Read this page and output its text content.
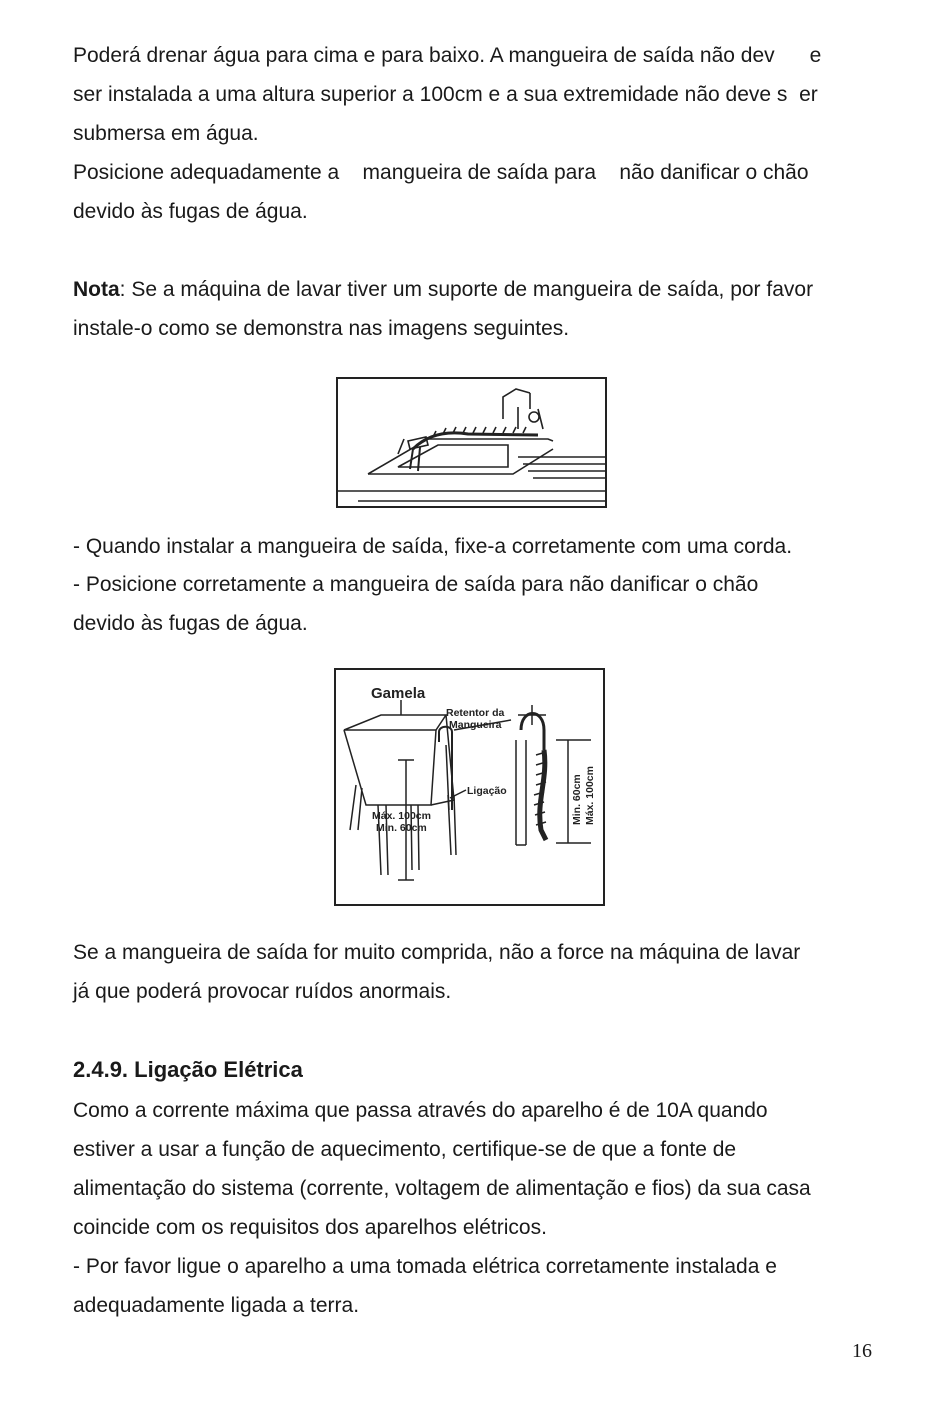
Poderá drenar água para cima e para baixo. A mangueira de saída não dev      e
ser instalada a uma altura superior a 100cm e a sua extremidade não deve s  er
submersa em água.
Posicione adequadamente a    mangueira de saída para    não danificar o chão
devido às fugas de água.
Nota: Se a máquina de lavar tiver um suporte de mangueira de saída, por favor
instale-o como se demonstra nas imagens seguintes.
- Quando instalar a mangueira de saída, fixe-a corretamente com uma corda.
- Posicione corretamente a mangueira de saída para não danificar o chão
devido às fugas de água.
Gamela
Retentor da
Mangueira
Ligação
Máx. 100cm
Min. 60cm
Min. 60cm Máx. 100cm
Se a mangueira de saída for muito comprida, não a force na máquina de lavar
já que poderá provocar ruídos anormais.
2.4.9. Ligação Elétrica
Como a corrente máxima que passa através do aparelho é de 10A quando
estiver a usar a função de aquecimento, certifique-se de que a fonte de
alimentação do sistema (corrente, voltagem de alimentação e fios) da sua casa
coincide com os requisitos dos aparelhos elétricos.
- Por favor ligue o aparelho a uma tomada elétrica corretamente instalada e
adequadamente ligada a terra.
16
